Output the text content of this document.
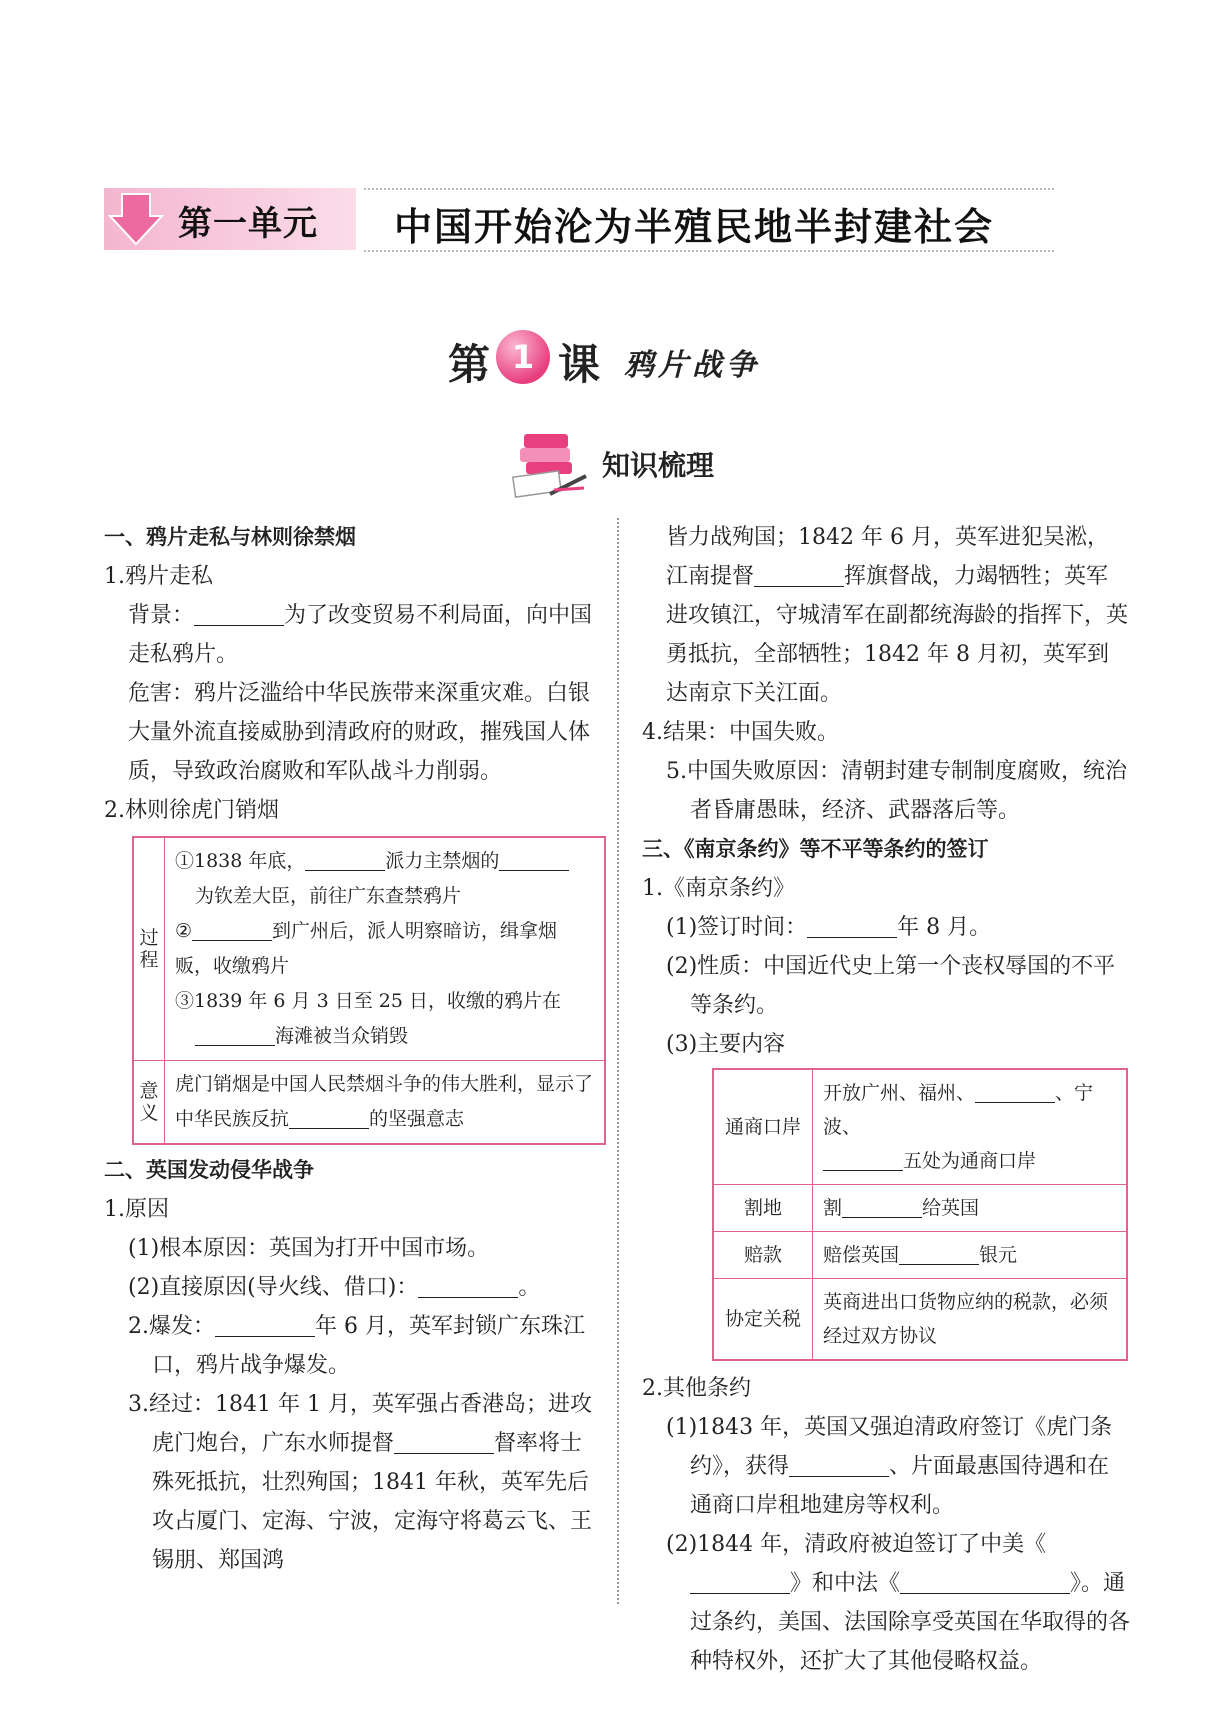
第一单元 中国开始沦为半殖民地半封建社会
第 1 课 鸦片战争
知识梳理

一、鸦片走私与林则徐禁烟

1.鸦片走私

背景：	为了改变贸易不利局面，向中国走私鸦片。

危害：鸦片泛滥给中华民族带来深重灾难。白银大量外流直接威胁到清政府的财政，摧残国人体质，导致政治腐败和军队战斗力削弱。

2.林则徐虎门销烟

过程	①1838 年底， 派力主禁烟的
为钦差大臣，前往广东查禁鸦片
② 到广州后，派人明察暗访，缉拿烟贩，收缴鸦片
③1839 年 6 月 3 日至 25 日，收缴的鸦片在
海滩被当众销毁

意义	虎门销烟是中国人民禁烟斗争的伟大胜利，显示了中华民族反抗 的坚强意志

二、英国发动侵华战争

1.原因

(1)根本原因：英国为打开中国市场。

(2)直接原因(导火线、借口)：	。

2.爆发：	年 6 月，英军封锁广东珠江口，鸦片战争爆发。

3.经过：1841 年 1 月，英军强占香港岛；进攻虎门炮台，广东水师提督	督率将士殊死抵抗，壮烈殉国；1841 年秋，英军先后攻占厦门、定海、宁波，定海守将葛云飞、王锡朋、郑国鸿

皆力战殉国；1842 年 6 月，英军进犯吴淞，江南提督	挥旗督战，力竭牺牲；英军进攻镇江，守城清军在副都统海龄的指挥下，英勇抵抗，全部牺牲；1842 年 8 月初，英军到达南京下关江面。

4.结果：中国失败。

5.中国失败原因：清朝封建专制制度腐败，统治者昏庸愚昧，经济、武器落后等。

三、《南京条约》等不平等条约的签订

1.《南京条约》

(1)签订时间：	年 8 月。

(2)性质：中国近代史上第一个丧权辱国的不平等条约。

(3)主要内容

通商口岸	开放广州、福州、 、宁波、
五处为通商口岸

割地	割 给英国
赔款	赔偿英国 银元
协定关税	英商进出口货物应纳的税款，必须经过双方协议

2.其他条约

(1)1843 年，英国又强迫清政府签订《虎门条约》，获得	、片面最惠国待遇和在通商口岸租地建房等权利。

(2)1844 年，清政府被迫签订了中美《》和中法《	》。通过条约，美国、法国除享受英国在华取得的各种特权外，还扩大了其他侵略权益。
